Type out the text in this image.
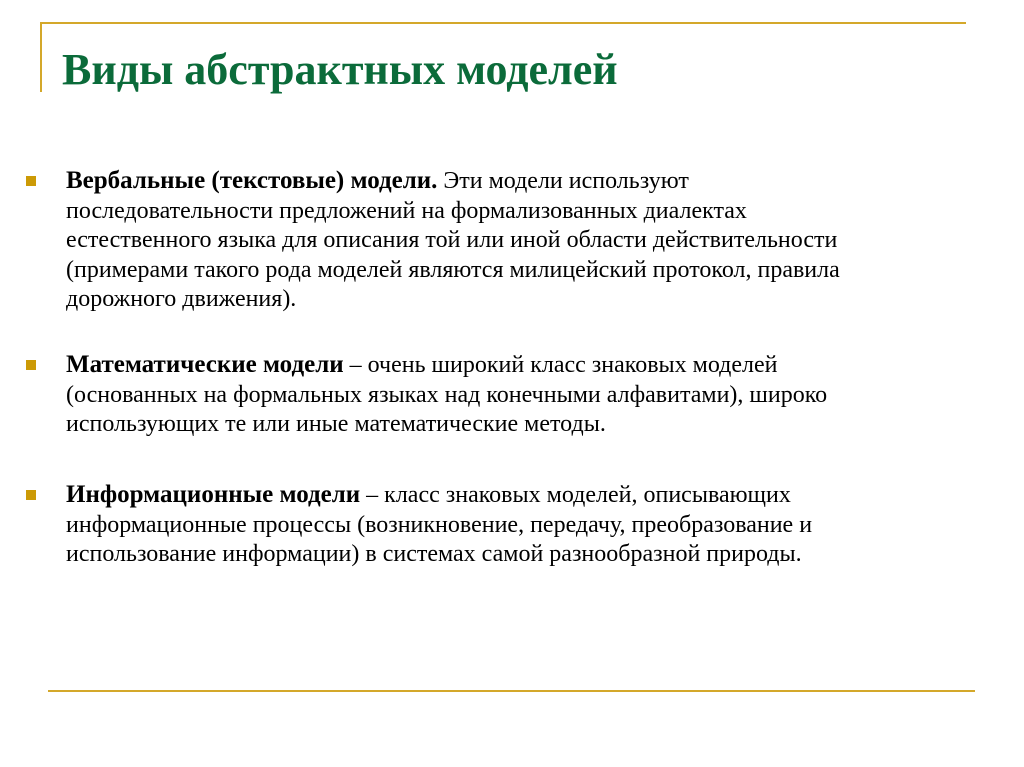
Виды абстрактных моделей
Вербальные (текстовые) модели. Эти модели используют
последовательности предложений на формализованных диалектах
естественного языка для описания той или иной области действительности
(примерами такого рода моделей являются милицейский протокол, правила
дорожного движения).
Математические модели – очень широкий класс знаковых моделей
(основанных на формальных языках над конечными алфавитами), широко
использующих те или иные математические методы.
Информационные модели – класс знаковых моделей, описывающих
информационные процессы (возникновение, передачу, преобразование и
использование информации) в системах самой разнообразной природы.
